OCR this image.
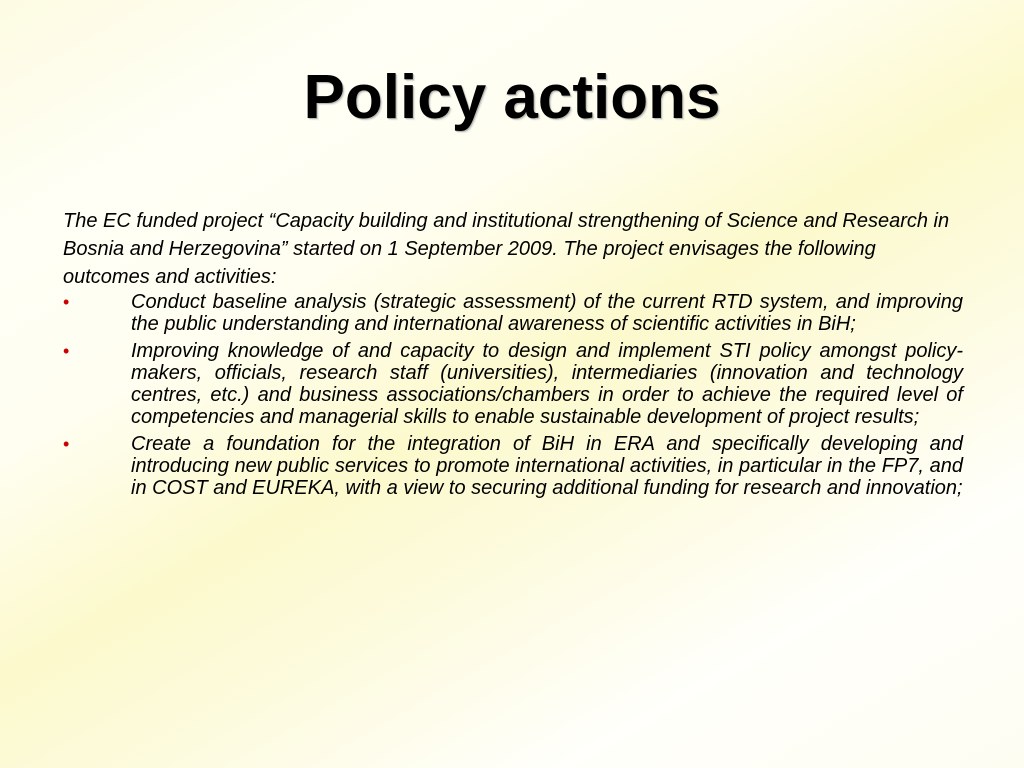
Policy actions

The EC funded project “Capacity building and institutional strengthening of Science and Research in Bosnia and Herzegovina” started on 1 September 2009. The project envisages the following outcomes and activities:

•	Conduct baseline analysis (strategic assessment) of the current RTD system, and improving the public understanding and international awareness of scientific activities in BiH;
•	Improving knowledge of and capacity to design and implement STI policy amongst policy-makers, officials, research staff (universities), intermediaries (innovation and technology centres, etc.) and business associations/chambers in order to achieve the required level of competencies and managerial skills to enable sustainable development of project results;
•	Create a foundation for the integration of BiH in ERA and specifically developing and introducing new public services to promote international activities, in particular in the FP7, and in COST and EUREKA, with a view to securing additional funding for research and innovation;
